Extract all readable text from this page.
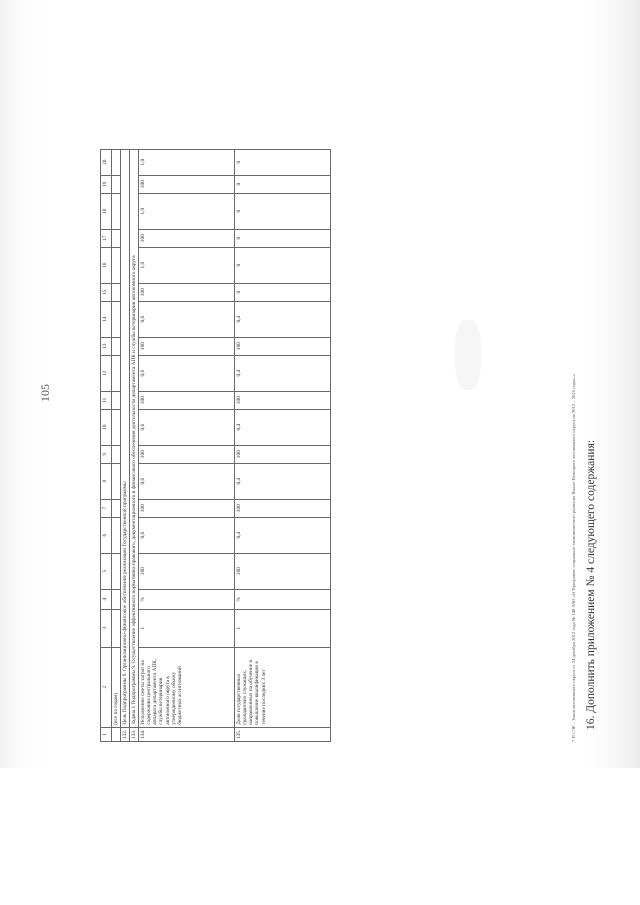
105
1	2	3	4	5	6	7	8	9	10	11	12	13	14	15	16	17	18	19	20
	(все по годам)																		
132.	Цель Подпрограммы 9. Организационно-финансовое обеспечение реализации Государственной программы																		
133.	Задача 1 Подпрограммы 9. Осуществление эффективного нормативно-правового, документационного и финансового обеспечения деятельности департамента АПК и службы ветеринарии автономного округа																		
134.	Исполнение сметы затрат на содержание центрального аппарата департамента АПК, службы ветеринарии автономного округа к утвержденному объему бюджетных ассигнований	1	%	100	0,6	100	0,6	100	0,6	100	0,6	100	0,6	100	1,0	100	1,0	100	1,0
135.	Доля государственных гражданских служащих, направленных на обучение и повышение квалификации в течение последних 3 лет	1	%	100	0,4	100	0,4	100	0,4	100	0,4	100	0,4	0	0	0	0	0	0
* П СЭР – Закон автономного округа от 24 декабря 2012 года № 148-ЗАО «О Программе социально-экономического развития Ямало-Ненецкого автономного округа на 2012 – 2016 годы».». 16. Дополнить приложением № 4 следующего содержания:
